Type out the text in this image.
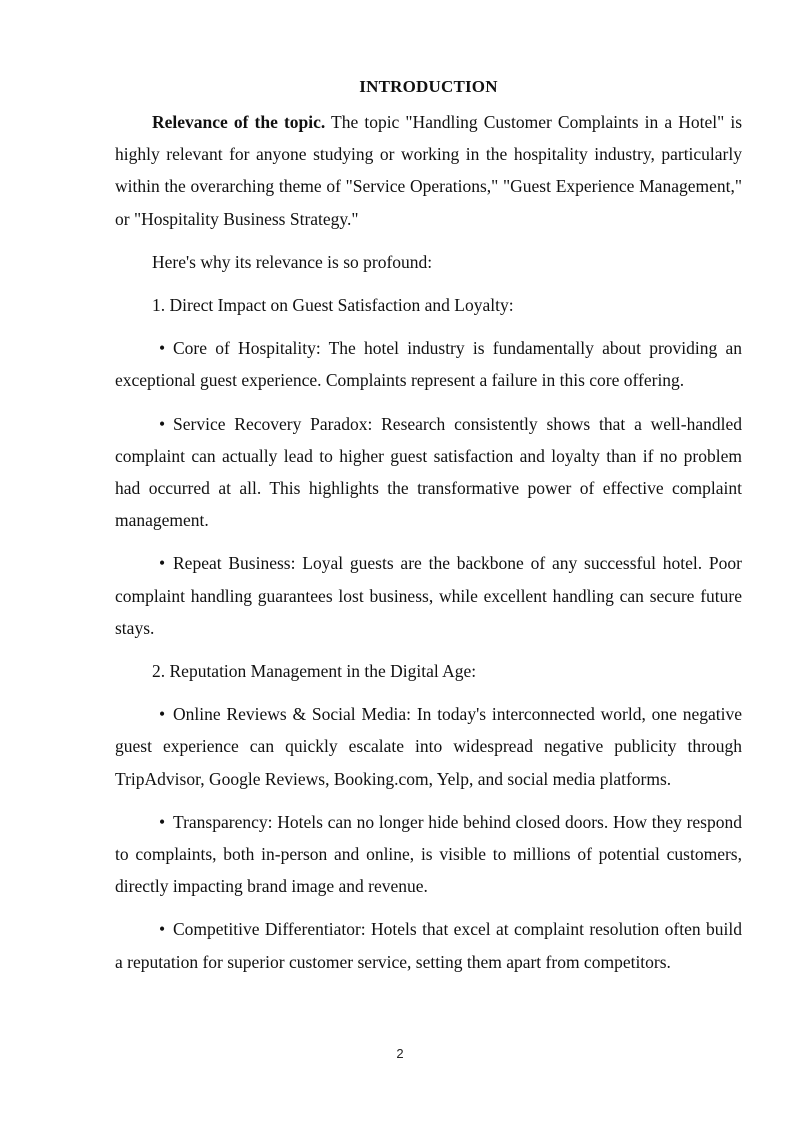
INTRODUCTION

Relevance of the topic. The topic "Handling Customer Complaints in a Hotel" is highly relevant for anyone studying or working in the hospitality industry, particularly within the overarching theme of "Service Operations," "Guest Experience Management," or "Hospitality Business Strategy."

Here's why its relevance is so profound:

1. Direct Impact on Guest Satisfaction and Loyalty:

• Core of Hospitality: The hotel industry is fundamentally about providing an exceptional guest experience. Complaints represent a failure in this core offering.

• Service Recovery Paradox: Research consistently shows that a well-handled complaint can actually lead to higher guest satisfaction and loyalty than if no problem had occurred at all. This highlights the transformative power of effective complaint management.

• Repeat Business: Loyal guests are the backbone of any successful hotel. Poor complaint handling guarantees lost business, while excellent handling can secure future stays.

2. Reputation Management in the Digital Age:

• Online Reviews & Social Media: In today's interconnected world, one negative guest experience can quickly escalate into widespread negative publicity through TripAdvisor, Google Reviews, Booking.com, Yelp, and social media platforms.

• Transparency: Hotels can no longer hide behind closed doors. How they respond to complaints, both in-person and online, is visible to millions of potential customers, directly impacting brand image and revenue.

• Competitive Differentiator: Hotels that excel at complaint resolution often build a reputation for superior customer service, setting them apart from competitors.

2
